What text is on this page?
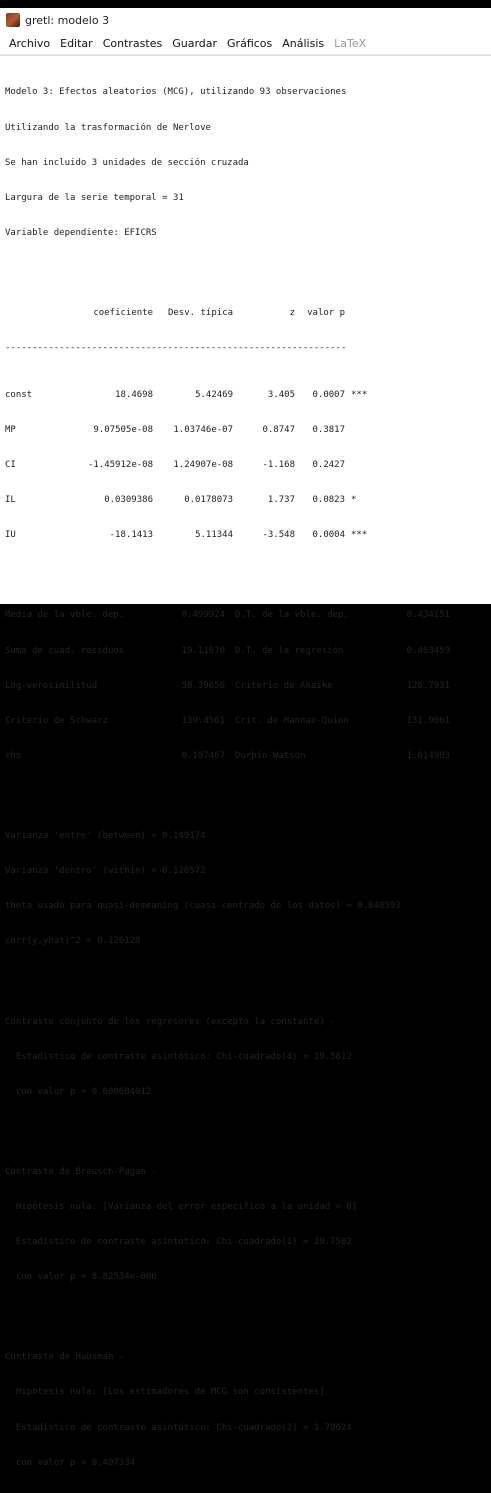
gretl: modelo 3
Archivo Editar Contrastes Guardar Gráficos Análisis LaTeX

Modelo 3: Efectos aleatorios (MCG), utilizando 93 observaciones

Utilizando la trasformación de Nerlove

Se han incluido 3 unidades de sección cruzada

Largura de la serie temporal = 31

Variable dependiente: EFICRS

coeficiente Desv. típica	z valor p

---------------------------------------------------------------

const	18.4698	5.42469	3.405 0.0007 ***

MP	9.07505e-08 1.03746e-07	0.8747 0.3817

CI	-1.45912e-08 1.24907e-08	-1.168 0.2427

IL	0.0309386	0.0178073	1.737 0.0823 *

IU	-18.1413	5.11344	-3.548 0.0004 ***

Media de la vble. dep.	0.499924 D.T. de la vble. dep.	0.434151

Suma de cuad. residuos	19.11670 D.T. de la regresión	0.463459

Log-verosimilitud	-58.39656 Criterio de Akaike	126.7931

Criterio de Schwarz	139.4561 Crit. de Hannan-Quinn	131.9061

rho	0.107467 Durbin-Watson	1.614983

Varianza 'entre' (between) = 0.149174

Varianza 'dentro' (within) = 0.120572

theta usado para quasi-demeaning (cuasi-centrado de los datos) = 0.840593

corr(y,yhat)^2 = 0.126128

Contraste conjunto de los regresores (excepto la constante) -

Estadístico de contraste asintótico: Chi-cuadrado(4) = 19.5812

con valor p = 0.000604012

Contraste de Breusch-Pagan -

Hipótesis nula: [Varianza del error específico a la unidad = 0]

Estadístico de contraste asintótico: Chi-cuadrado(1) = 19.7502

con valor p = 8.82534e-006

Contraste de Hausman -

Hipótesis nula: [Los estimadores de MCG son consistentes]

Estadístico de contraste asintótico: Chi-cuadrado(2) = 1.79624

con valor p = 0.407334
